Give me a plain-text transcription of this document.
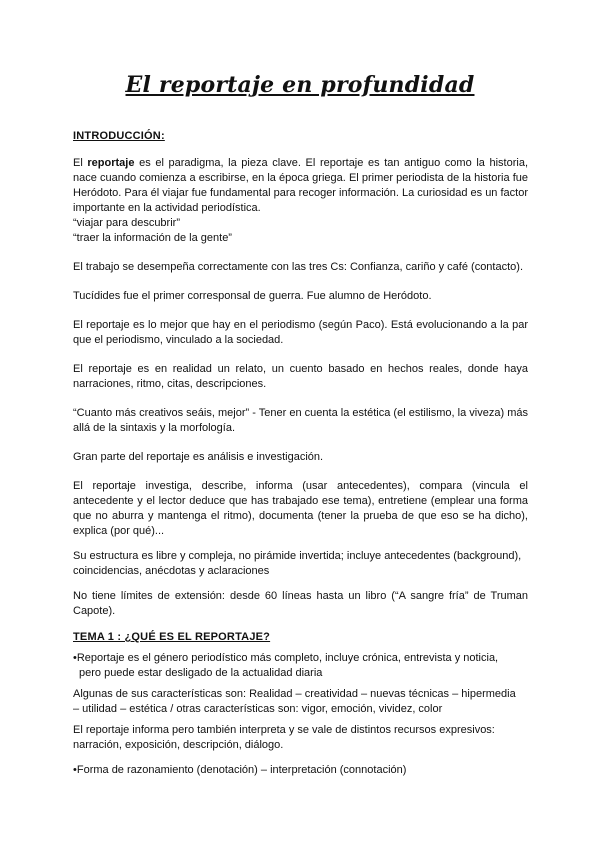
El reportaje en profundidad
INTRODUCCIÓN:

El reportaje es el paradigma, la pieza clave. El reportaje es tan antiguo como la historia, nace cuando comienza a escribirse, en la época griega. El primer periodista de la historia fue Heródoto. Para él viajar fue fundamental para recoger información. La curiosidad es un factor importante en la actividad periodística.

“viajar para descubrir”

“traer la información de la gente”

El trabajo se desempeña correctamente con las tres Cs: Confianza, cariño y café (contacto).

Tucídides fue el primer corresponsal de guerra. Fue alumno de Heródoto.

El reportaje es lo mejor que hay en el periodismo (según Paco). Está evolucionando a la par que el periodismo, vinculado a la sociedad.

El reportaje es en realidad un relato, un cuento basado en hechos reales, donde haya narraciones, ritmo, citas, descripciones.

“Cuanto más creativos seáis, mejor” - Tener en cuenta la estética (el estilismo, la viveza) más allá de la sintaxis y la morfología.

Gran parte del reportaje es análisis e investigación.

El reportaje investiga, describe, informa (usar antecedentes), compara (vincula el antecedente y el lector deduce que has trabajado ese tema), entretiene (emplear una forma que no aburra y mantenga el ritmo), documenta (tener la prueba de que eso se ha dicho), explica (por qué)...

Su estructura es libre y compleja, no pirámide invertida; incluye antecedentes (background), coincidencias, anécdotas y aclaraciones

No tiene límites de extensión: desde 60 líneas hasta un libro (“A sangre fría” de Truman Capote).

TEMA 1 : ¿QUÉ ES EL REPORTAJE?

•Reportaje es el género periodístico más completo, incluye crónica, entrevista y noticia,

pero puede estar desligado de la actualidad diaria

Algunas de sus características son: Realidad – creatividad – nuevas técnicas – hipermedia

– utilidad – estética / otras características son: vigor, emoción, vividez, color

El reportaje informa pero también interpreta y se vale de distintos recursos expresivos:

narración, exposición, descripción, diálogo.

•Forma de razonamiento (denotación) – interpretación (connotación)
